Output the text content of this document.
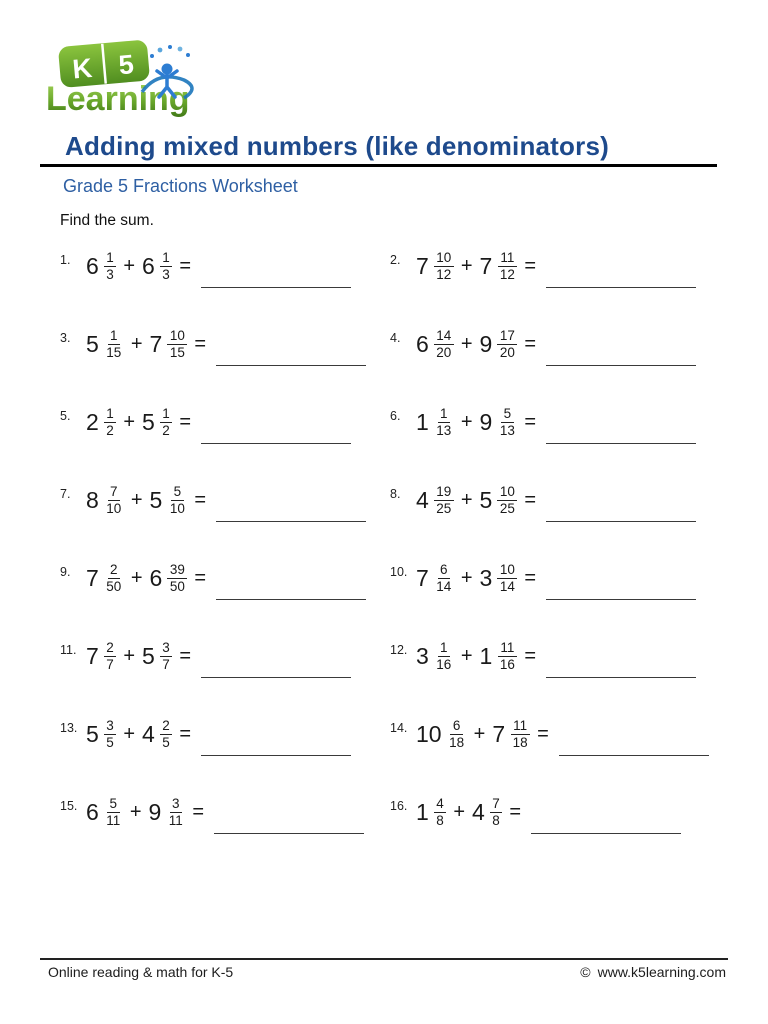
K 5
Learning
Adding mixed numbers (like denominators)
Grade 5 Fractions Worksheet
Find the sum.
1. $6 \frac{1}{3} + 6 \frac{1}{3}$ =	2. $7 \frac{10}{12} + 7 \frac{11}{12}$ =
3. $5 \frac{1}{15} + 7 \frac{10}{15}$ =	4. $6 \frac{14}{20} + 9 \frac{17}{20}$ =
5. $2 \frac{1}{2} + 5 \frac{1}{2}$ =	6. $1 \frac{1}{13} + 9 \frac{5}{13}$ =
7. $8 \frac{7}{10} + 5 \frac{5}{10}$ =	8. $4 \frac{19}{25} + 5 \frac{10}{25}$ =
9. $7 \frac{2}{50} + 6 \frac{39}{50}$ =	10. $7 \frac{6}{14} + 3 \frac{10}{14}$ =
11. $7 \frac{2}{7} + 5 \frac{3}{7}$ =	12. $3 \frac{1}{16} + 1 \frac{11}{16}$ =
13. $5 \frac{3}{5} + 4 \frac{2}{5}$ =	14. $10 \frac{6}{18} + 7 \frac{11}{18}$ =
15. $6 \frac{5}{11} + 9 \frac{3}{11}$ =	16. $1 \frac{4}{8} + 4 \frac{7}{8}$ =
Online reading & math for K-5	© www.k5learning.com
